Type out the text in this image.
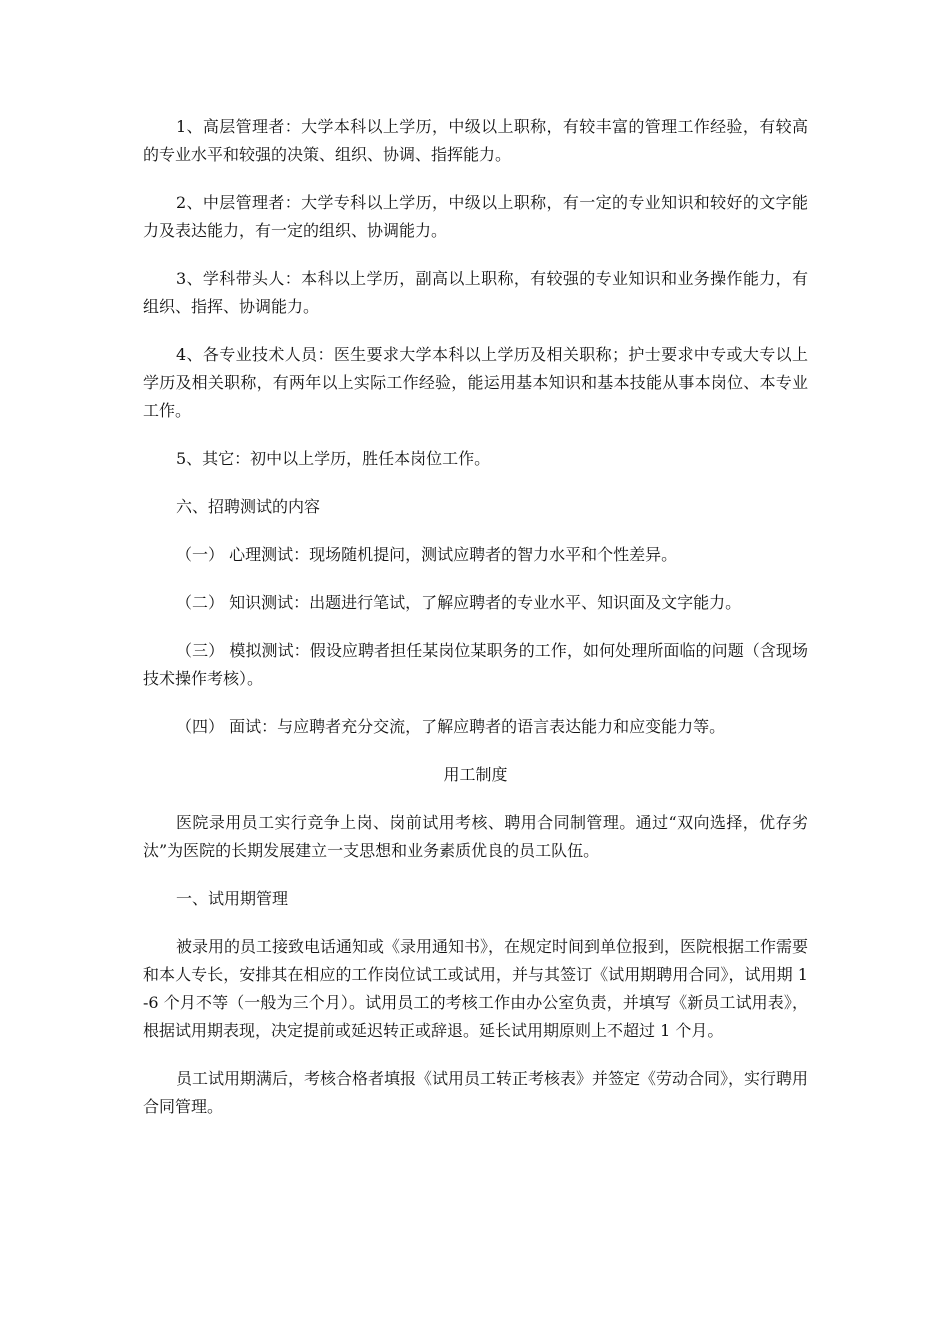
1、高层管理者：大学本科以上学历，中级以上职称，有较丰富的管理工作经验，有较高的专业水平和较强的决策、组织、协调、指挥能力。

2、中层管理者：大学专科以上学历，中级以上职称，有一定的专业知识和较好的文字能力及表达能力，有一定的组织、协调能力。

3、学科带头人：本科以上学历，副高以上职称，有较强的专业知识和业务操作能力，有组织、指挥、协调能力。

4、各专业技术人员：医生要求大学本科以上学历及相关职称；护士要求中专或大专以上学历及相关职称，有两年以上实际工作经验，能运用基本知识和基本技能从事本岗位、本专业工作。

5、其它：初中以上学历，胜任本岗位工作。

六、招聘测试的内容

（一） 心理测试：现场随机提问，测试应聘者的智力水平和个性差异。

（二） 知识测试：出题进行笔试，了解应聘者的专业水平、知识面及文字能力。

（三） 模拟测试：假设应聘者担任某岗位某职务的工作，如何处理所面临的问题（含现场技术操作考核）。

（四） 面试：与应聘者充分交流，了解应聘者的语言表达能力和应变能力等。

用工制度

医院录用员工实行竞争上岗、岗前试用考核、聘用合同制管理。通过“双向选择，优存劣汰”为医院的长期发展建立一支思想和业务素质优良的员工队伍。

一、试用期管理

被录用的员工接致电话通知或《录用通知书》，在规定时间到单位报到，医院根据工作需要和本人专长，安排其在相应的工作岗位试工或试用，并与其签订《试用期聘用合同》，试用期 1-6 个月不等（一般为三个月）。试用员工的考核工作由办公室负责，并填写《新员工试用表》，根据试用期表现，决定提前或延迟转正或辞退。延长试用期原则上不超过 1 个月。

员工试用期满后，考核合格者填报《试用员工转正考核表》并签定《劳动合同》，实行聘用合同管理。
